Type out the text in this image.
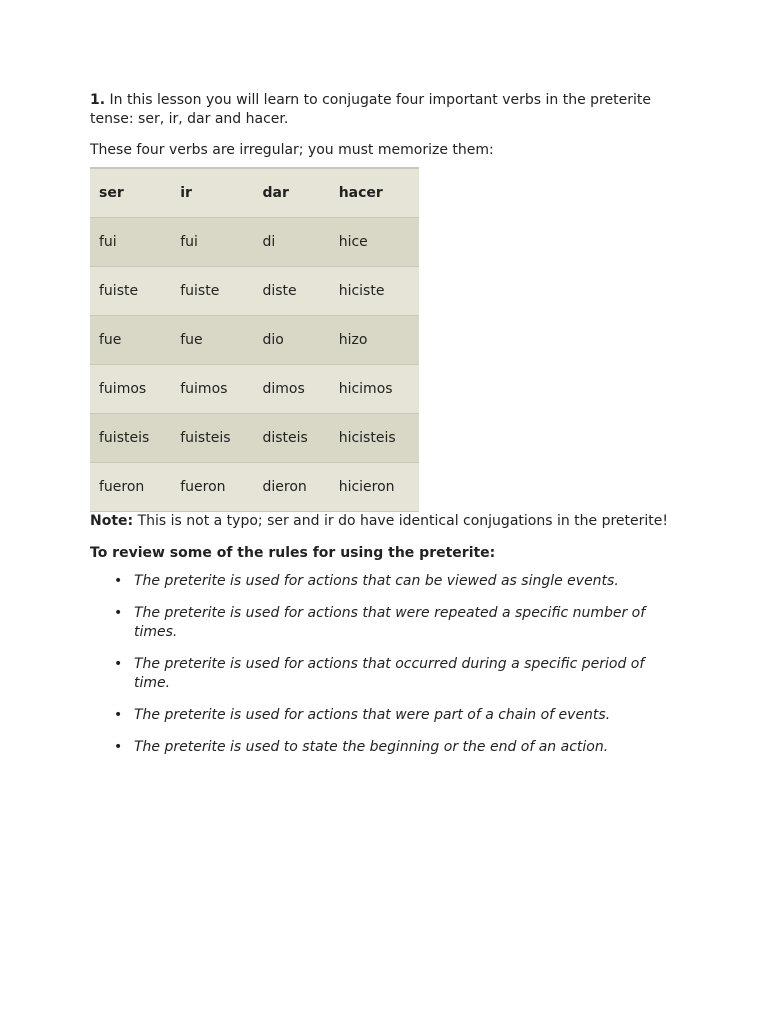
1. In this lesson you will learn to conjugate four important verbs in the preterite tense: ser, ir, dar and hacer.

These four verbs are irregular; you must memorize them:

ser	ir	dar	hacer
fui	fui	di	hice
fuiste	fuiste	diste	hiciste
fue	fue	dio	hizo
fuimos	fuimos	dimos	hicimos
fuisteis	fuisteis	disteis	hicisteis
fueron	fueron	dieron	hicieron

Note: This is not a typo; ser and ir do have identical conjugations in the preterite!

To review some of the rules for using the preterite:

• The preterite is used for actions that can be viewed as single events.
• The preterite is used for actions that were repeated a specific number of times.
• The preterite is used for actions that occurred during a specific period of time.
• The preterite is used for actions that were part of a chain of events.
• The preterite is used to state the beginning or the end of an action.
